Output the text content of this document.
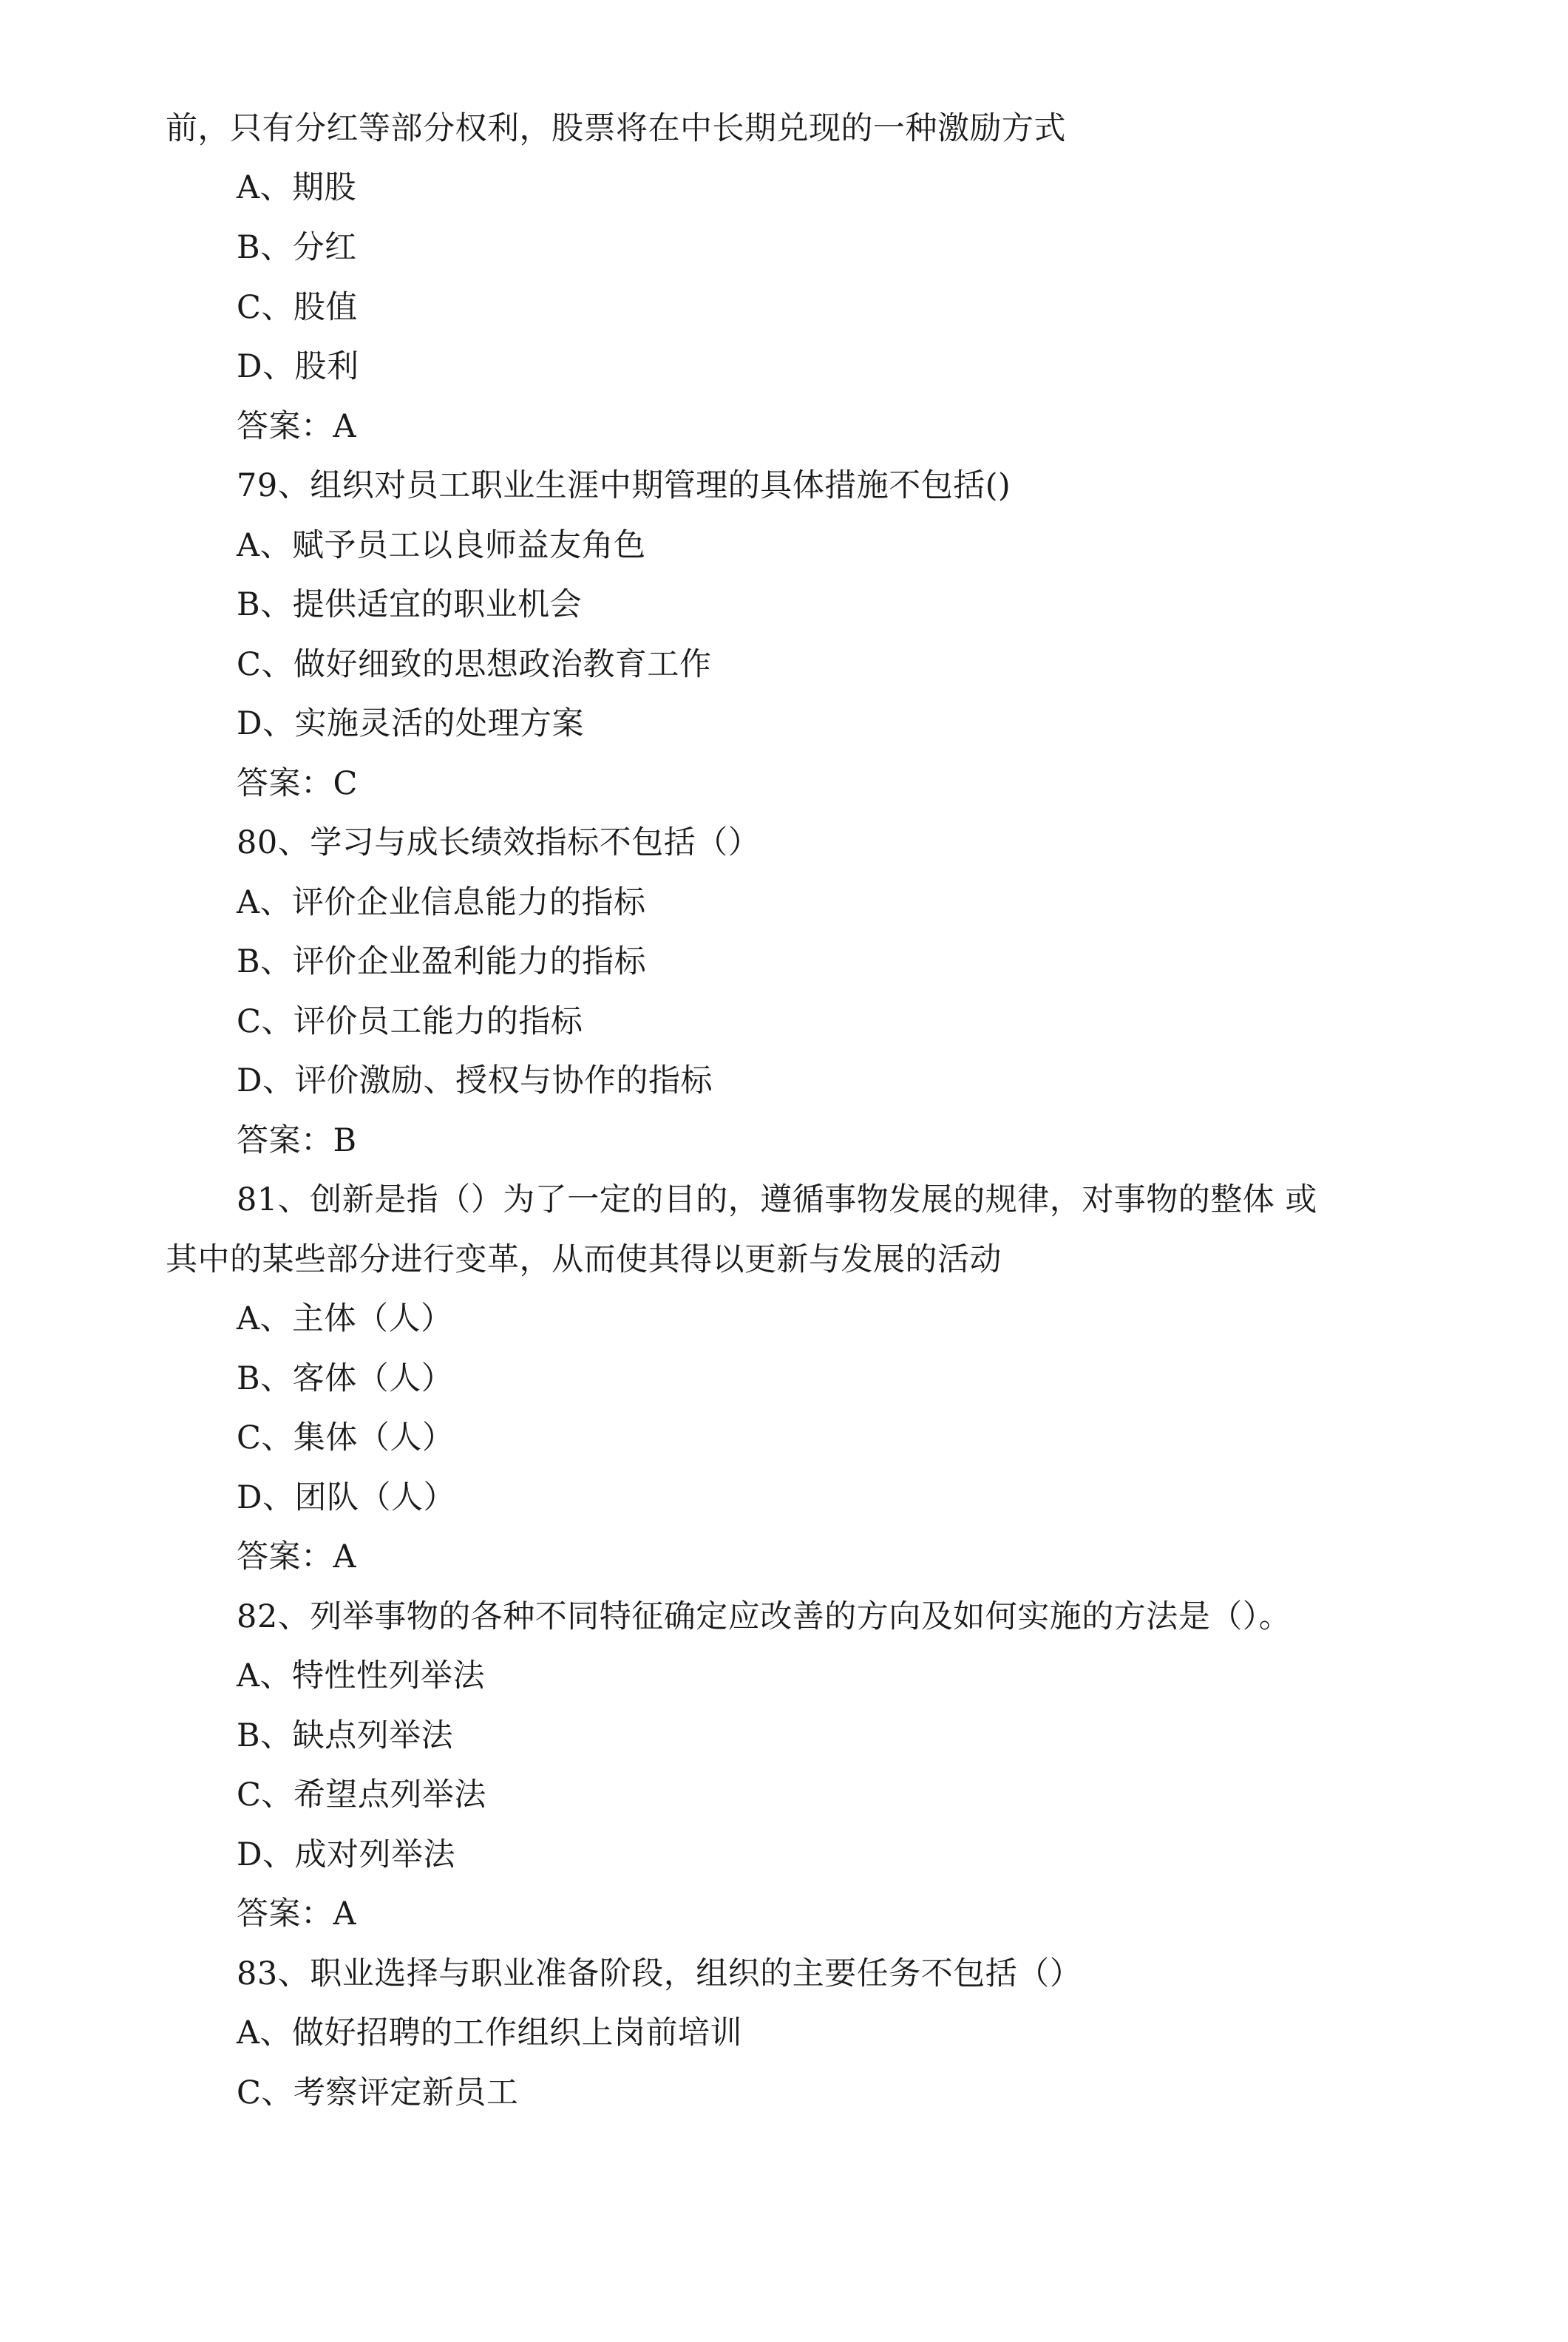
前，只有分红等部分权利，股票将在中长期兑现的一种激励方式
A、期股
B、分红
C、股值
D、股利
答案：A
79、组织对员工职业生涯中期管理的具体措施不包括()
A、赋予员工以良师益友角色
B、提供适宜的职业机会
C、做好细致的思想政治教育工作
D、实施灵活的处理方案
答案：C
80、学习与成长绩效指标不包括（）
A、评价企业信息能力的指标
B、评价企业盈利能力的指标
C、评价员工能力的指标
D、评价激励、授权与协作的指标
答案：B
81、创新是指（）为了一定的目的，遵循事物发展的规律，对事物的整体 或
其中的某些部分进行变革，从而使其得以更新与发展的活动
A、主体（人）
B、客体（人）
C、集体（人）
D、团队（人）
答案：A
82、列举事物的各种不同特征确定应改善的方向及如何实施的方法是（）。
A、特性性列举法
B、缺点列举法
C、希望点列举法
D、成对列举法
答案：A
83、职业选择与职业准备阶段，组织的主要任务不包括（）
A、做好招聘的工作组织上岗前培训
C、考察评定新员工
